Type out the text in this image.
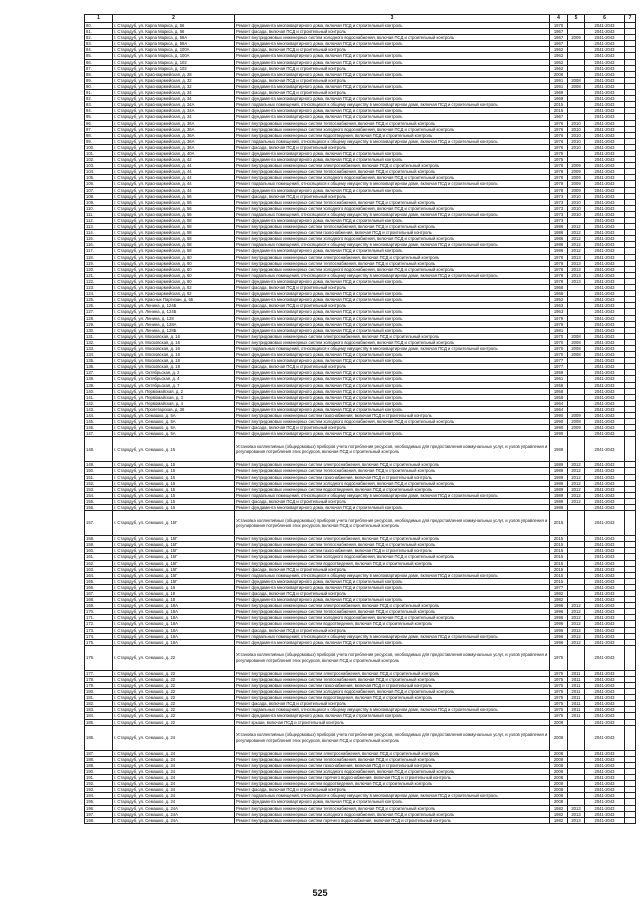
1	2	3	4	5	6	7
80.	г. Стародуб, ул. Карла Маркса, д. 56	Ремонт фундамента многоквартирного дома, включая ПСД и строительный контроль	1970		2041-2043	
81.	г. Стародуб, ул. Карла Маркса, д. 56	Ремонт фасада, включая ПСД и строительный контроль	1967		2041-2043	
82.	г. Стародуб, ул. Карла Маркса, д. 58А	Ремонт внутридомовых инженерных систем холодного водоснабжения, включая ПСД и строительный контроль	1967	2009	2041-2043	
83.	г. Стародуб, ул. Карла Маркса, д. 58А	Ремонт фундамента многоквартирного дома, включая ПСД и строительный контроль	1967		2041-2043	
84.	г. Стародуб, ул. Карла Маркса, д. 100А	Ремонт фасада, включая ПСД и строительный контроль	1962		2041-2043	
85.	г. Стародуб, ул. Карла Маркса, д. 100А	Ремонт фундамента многоквартирного дома, включая ПСД и строительный контроль	1962		2041-2043	
86.	г. Стародуб, ул. Карла Маркса, д. 102	Ремонт фундамента многоквартирного дома, включая ПСД и строительный контроль	1962		2041-2043	
87.	г. Стародуб, ул. Карла Маркса, д. 102	Ремонт фасада, включая ПСД и строительный контроль	1962		2041-2043	
88.	г. Стародуб, ул. Красноармейская, д. 28	Ремонт фундамента многоквартирного дома, включая ПСД и строительный контроль	2008		2041-2043	
89.	г. Стародуб, ул. Красноармейская, д. 32	Ремонт фасада, включая ПСД и строительный контроль	1991	2008	2041-2043	
90.	г. Стародуб, ул. Красноармейская, д. 32	Ремонт фундамента многоквартирного дома, включая ПСД и строительный контроль	1991	2008	2041-2043	
91.	г. Стародуб, ул. Красноармейская, д. 34	Ремонт фасада, включая ПСД и строительный контроль	1969		2041-2043	
92.	г. Стародуб, ул. Красноармейская, д. 34	Ремонт фундамента многоквартирного дома, включая ПСД и строительный контроль	1969		2041-2043	
93.	г. Стародуб, ул. Красноармейская, д. 34А	Ремонт подвальных помещений, относящихся к общему имуществу в многоквартирном доме, включая ПСД и строительный контроль	2015		2041-2043	
94.	г. Стародуб, ул. Красноармейская, д. 34А	Ремонт фундамента многоквартирного дома, включая ПСД и строительный контроль	2015		2041-2043	
95.	г. Стародуб, ул. Красноармейская, д. 34	Ремонт фундамента многоквартирного дома, включая ПСД и строительный контроль	1967		2041-2043	
96.	г. Стародуб, ул. Красноармейская, д. 36А	Ремонт внутридомовых инженерных систем теплоснабжения, включая ПСД и строительный контроль	1976	2010	2041-2043	
97.	г. Стародуб, ул. Красноармейская, д. 36А	Ремонт внутридомовых инженерных систем холодного водоснабжения, включая ПСД и строительный контроль	1976	2010	2041-2043	
98.	г. Стародуб, ул. Красноармейская, д. 36А	Ремонт внутридомовых инженерных систем водоотведения, включая ПСД и строительный контроль	1976	2010	2041-2043	
99.	г. Стародуб, ул. Красноармейская, д. 36А	Ремонт подвальных помещений, относящихся к общему имуществу в многоквартирном доме, включая ПСД и строительный контроль	1976	2010	2041-2043	
100.	г. Стародуб, ул. Красноармейская, д. 36А	Ремонт фасада, включая ПСД и строительный контроль	1976	2010	2041-2043	
101.	г. Стародуб, ул. Красноармейская, д. 40А	Ремонт фундамента многоквартирного дома, включая ПСД и строительный контроль	1975		2041-2043	
102.	г. Стародуб, ул. Красноармейская, д. 42	Ремонт фундамента многоквартирного дома, включая ПСД и строительный контроль	1975		2041-2043	
103.	г. Стародуб, ул. Красноармейская, д. 44	Ремонт внутридомовых инженерных систем электроснабжения, включая ПСД и строительный контроль	1978	2009	2041-2043	
104.	г. Стародуб, ул. Красноармейская, д. 44	Ремонт внутридомовых инженерных систем теплоснабжения, включая ПСД и строительный контроль	1978	2009	2041-2043	
105.	г. Стародуб, ул. Красноармейская, д. 44	Ремонт внутридомовых инженерных систем холодного водоснабжения, включая ПСД и строительный контроль	1978	2009	2041-2043	
106.	г. Стародуб, ул. Красноармейская, д. 44	Ремонт подвальных помещений, относящихся к общему имуществу в многоквартирном доме, включая ПСД и строительный контроль	1978	2009	2041-2043	
107.	г. Стародуб, ул. Красноармейская, д. 44	Ремонт фундамента многоквартирного дома, включая ПСД и строительный контроль	1978	2009	2041-2043	
108.	г. Стародуб, ул. Красноармейская, д. 56	Ремонт фасада, включая ПСД и строительный контроль	1973	2010	2041-2043	
109.	г. Стародуб, ул. Красноармейская, д. 56	Ремонт внутридомовых инженерных систем теплоснабжения, включая ПСД и строительный контроль	1973	2010	2041-2043	
110.	г. Стародуб, ул. Красноармейская, д. 56	Ремонт внутридомовых инженерных систем холодного водоснабжения, включая ПСД и строительный контроль	1973	2010	2041-2043	
111.	г. Стародуб, ул. Красноармейская, д. 56	Ремонт подвальных помещений, относящихся к общему имуществу в многоквартирном доме, включая ПСД и строительный контроль	1973	2010	2041-2043	
112.	г. Стародуб, ул. Красноармейская, д. 58	Ремонт фундамента многоквартирного дома, включая ПСД и строительный контроль	1973		2041-2043	
113.	г. Стародуб, ул. Красноармейская, д. 58	Ремонт внутридомовых инженерных систем теплоснабжения, включая ПСД и строительный контроль	1986	2012	2041-2043	
114.	г. Стародуб, ул. Красноармейская, д. 58	Ремонт внутридомовых инженерных систем газоснабжения, включая ПСД и строительный контроль	1986	2012	2041-2043	
115.	г. Стародуб, ул. Красноармейская, д. 58	Ремонт внутридомовых инженерных систем холодного водоснабжения, включая ПСД и строительный контроль	1986	2012	2041-2043	
116.	г. Стародуб, ул. Красноармейская, д. 58	Ремонт подвальных помещений, относящихся к общему имуществу в многоквартирном доме, включая ПСД и строительный контроль	1986	2012	2041-2043	
117.	г. Стародуб, ул. Красноармейская, д. 58	Ремонт фундамента многоквартирного дома, включая ПСД и строительный контроль	1986	2012	2041-2043	
118.	г. Стародуб, ул. Красноармейская, д. 60	Ремонт внутридомовых инженерных систем электроснабжения, включая ПСД и строительный контроль	1978	2013	2041-2043	
119.	г. Стародуб, ул. Красноармейская, д. 60	Ремонт внутридомовых инженерных систем теплоснабжения, включая ПСД и строительный контроль	1978	2013	2041-2043	
120.	г. Стародуб, ул. Красноармейская, д. 60	Ремонт внутридомовых инженерных систем холодного водоснабжения, включая ПСД и строительный контроль	1978	2013	2041-2043	
121.	г. Стародуб, ул. Красноармейская, д. 60	Ремонт подвальных помещений, относящихся к общему имуществу в многоквартирном доме, включая ПСД и строительный контроль	1978	2013	2041-2043	
122.	г. Стародуб, ул. Красноармейская, д. 60	Ремонт фундамента многоквартирного дома, включая ПСД и строительный контроль	1978	2013	2041-2043	
123.	г. Стародуб, ул. Красноармейская, д. 62	Ремонт фасада, включая ПСД и строительный контроль	1968		2041-2043	
124.	г. Стародуб, ул. Красноармейская, д. 62	Ремонт фундамента многоквартирного дома, включая ПСД и строительный контроль	1968		2041-2043	
125.	г. Стародуб, ул. Красных Партизан, д. 65	Ремонт фундамента многоквартирного дома, включая ПСД и строительный контроль	1952		2041-2043	
126.	г. Стародуб, ул. Ленина, д. 124Б	Ремонт фасада, включая ПСД и строительный контроль	1963		2041-2043	
127.	г. Стародуб, ул. Ленина, д. 124Б	Ремонт фундамента многоквартирного дома, включая ПСД и строительный контроль	1963		2041-2043	
128.	г. Стародуб, ул. Ленина, д. 128	Ремонт фундамента многоквартирного дома, включая ПСД и строительный контроль	1979		2041-2043	
129.	г. Стародуб, ул. Ленина, д. 128А	Ремонт фундамента многоквартирного дома, включая ПСД и строительный контроль	1979		2041-2043	
130.	г. Стародуб, ул. Ленина, д. 128Б	Ремонт фундамента многоквартирного дома, включая ПСД и строительный контроль	1981		2041-2043	
131.	г. Стародуб, ул. Московская, д. 16	Ремонт внутридомовых инженерных систем электроснабжения, включая ПСД и строительный контроль	1970	2008	2041-2043	
132.	г. Стародуб, ул. Московская, д. 16	Ремонт внутридомовых инженерных систем холодного водоснабжения, включая ПСД и строительный контроль	1970	2008	2041-2043	
133.	г. Стародуб, ул. Московская, д. 16	Ремонт подвальных помещений, относящихся к общему имуществу в многоквартирном доме, включая ПСД и строительный контроль	1970	2008	2041-2043	
134.	г. Стародуб, ул. Московская, д. 16	Ремонт фундамента многоквартирного дома, включая ПСД и строительный контроль	1970	2008	2041-2043	
135.	г. Стародуб, ул. Московская, д. 18	Ремонт фундамента многоквартирного дома, включая ПСД и строительный контроль	1977		2041-2043	
136.	г. Стародуб, ул. Московская, д. 18	Ремонт фасада, включая ПСД и строительный контроль	1977		2041-2043	
137.	г. Стародуб, ул. Октябрьская, д. 2	Ремонт фундамента многоквартирного дома, включая ПСД и строительный контроль	1959		2041-2043	
138.	г. Стародуб, ул. Октябрьская, д. 4	Ремонт фундамента многоквартирного дома, включая ПСД и строительный контроль	1961		2041-2043	
139.	г. Стародуб, ул. Октябрьская, д. 7	Ремонт фундамента многоквартирного дома, включая ПСД и строительный контроль	1958		2041-2043	
140.	г. Стародуб, ул. Первомайская, д. 2	Ремонт фундамента многоквартирного дома, включая ПСД и строительный контроль	1958		2041-2043	
141.	г. Стародуб, ул. Первомайская, д. 3	Ремонт фундамента многоквартирного дома, включая ПСД и строительный контроль	1958		2041-2043	
142.	г. Стародуб, ул. Первомайская, д. 4	Ремонт фундамента многоквартирного дома, включая ПСД и строительный контроль	1964		2041-2043	
143.	г. Стародуб, ул. Пролетарская, д. 36	Ремонт фундамента многоквартирного дома, включая ПСД и строительный контроль	1964		2041-2043	
144.	г. Стародуб, ул. Семашко, д. 5А	Ремонт внутридомовых инженерных систем газоснабжения, включая ПСД и строительный контроль	1990	2009	2041-2043	
145.	г. Стародуб, ул. Семашко, д. 5А	Ремонт внутридомовых инженерных систем холодного водоснабжения, включая ПСД и строительный контроль	1990	2008	2041-2043	
146.	г. Стародуб, ул. Семашко, д. 5А	Ремонт фасада, включая ПСД и строительный контроль	1990	2009	2041-2043	
147.	г. Стародуб, ул. Семашко, д. 5А	Ремонт фундамента многоквартирного дома, включая ПСД и строительный контроль	1990		2041-2043	
148.	г. Стародуб, ул. Семашко, д. 15	Установка коллективных (общедомовых) приборов учета потребления ресурсов, необходимых для предоставления коммунальных услуг, и узлов управления и регулирования потребления этих ресурсов, включая ПСД и строительный контроль	1989		2041-2043	
149.	г. Стародуб, ул. Семашко, д. 15	Ремонт внутридомовых инженерных систем электроснабжения, включая ПСД и строительный контроль	1989	2012	2041-2043	
150.	г. Стародуб, ул. Семашко, д. 15	Ремонт внутридомовых инженерных систем теплоснабжения, включая ПСД и строительный контроль	1989	2012	2041-2043	
151.	г. Стародуб, ул. Семашко, д. 15	Ремонт внутридомовых инженерных систем газоснабжения, включая ПСД и строительный контроль	1989	2012	2041-2043	
152.	г. Стародуб, ул. Семашко, д. 15	Ремонт внутридомовых инженерных систем холодного водоснабжения, включая ПСД и строительный контроль	1989	2012	2041-2043	
153.	г. Стародуб, ул. Семашко, д. 15	Ремонт внутридомовых инженерных систем водоотведения, включая ПСД и строительный контроль	1989	2012	2041-2043	
154.	г. Стародуб, ул. Семашко, д. 15	Ремонт подвальных помещений, относящихся к общему имуществу в многоквартирном доме, включая ПСД и строительный контроль	1989	2012	2041-2043	
155.	г. Стародуб, ул. Семашко, д. 15	Ремонт фасада, включая ПСД и строительный контроль	1989	2012	2041-2043	
156.	г. Стародуб, ул. Семашко, д. 15	Ремонт фундамента многоквартирного дома, включая ПСД и строительный контроль	1989		2041-2043	
157.	г. Стародуб, ул. Семашко, д. 15Г	Установка коллективных (общедомовых) приборов учета потребления ресурсов, необходимых для предоставления коммунальных услуг, и узлов управления и регулирования потребления этих ресурсов, включая ПСД и строительный контроль	2015		2041-2043	
158.	г. Стародуб, ул. Семашко, д. 15Г	Ремонт внутридомовых инженерных систем электроснабжения, включая ПСД и строительный контроль	2015		2041-2043	
159.	г. Стародуб, ул. Семашко, д. 15Г	Ремонт внутридомовых инженерных систем теплоснабжения, включая ПСД и строительный контроль	2015		2041-2043	
160.	г. Стародуб, ул. Семашко, д. 15Г	Ремонт внутридомовых инженерных систем газоснабжения, включая ПСД и строительный контроль	2015		2041-2043	
161.	г. Стародуб, ул. Семашко, д. 15Г	Ремонт внутридомовых инженерных систем холодного водоснабжения, включая ПСД и строительный контроль	2015		2041-2043	
162.	г. Стародуб, ул. Семашко, д. 15Г	Ремонт внутридомовых инженерных систем водоотведения, включая ПСД и строительный контроль	2015		2041-2043	
163.	г. Стародуб, ул. Семашко, д. 15Г	Ремонт фасада, включая ПСД и строительный контроль	2015		2041-2043	
164.	г. Стародуб, ул. Семашко, д. 15Г	Ремонт подвальных помещений, относящихся к общему имуществу в многоквартирном доме, включая ПСД и строительный контроль	2015		2041-2043	
165.	г. Стародуб, ул. Семашко, д. 15Г	Ремонт фундамента многоквартирного дома, включая ПСД и строительный контроль	2015		2041-2043	
166.	г. Стародуб, ул. Семашко, д. 16	Ремонт фундамента многоквартирного дома, включая ПСД и строительный контроль	1977		2041-2043	
167.	г. Стародуб, ул. Семашко, д. 18	Ремонт фасада, включая ПСД и строительный контроль	1982		2041-2043	
168.	г. Стародуб, ул. Семашко, д. 18	Ремонт фундамента многоквартирного дома, включая ПСД и строительный контроль	1982		2041-2043	
169.	г. Стародуб, ул. Семашко, д. 18А	Ремонт внутридомовых инженерных систем электроснабжения, включая ПСД и строительный контроль	1996	2012	2041-2043	
170.	г. Стародуб, ул. Семашко, д. 18А	Ремонт внутридомовых инженерных систем теплоснабжения, включая ПСД и строительный контроль	1996	2012	2041-2043	
171.	г. Стародуб, ул. Семашко, д. 18А	Ремонт внутридомовых инженерных систем холодного водоснабжения, включая ПСД и строительный контроль	1996	2012	2041-2043	
172.	г. Стародуб, ул. Семашко, д. 18А	Ремонт внутридомовых инженерных систем водоотведения, включая ПСД и строительный контроль	1996	2012	2041-2043	
173.	г. Стародуб, ул. Семашко, д. 18А	Ремонт фасада, включая ПСД и строительный контроль	1996	2012	2041-2043	
174.	г. Стародуб, ул. Семашко, д. 18А	Ремонт подвальных помещений, относящихся к общему имуществу в многоквартирном доме, включая ПСД и строительный контроль	1996	2012	2041-2043	
175.	г. Стародуб, ул. Семашко, д. 18А	Ремонт фундамента многоквартирного дома, включая ПСД и строительный контроль	1996	2012	2041-2043	
176.	г. Стародуб, ул. Семашко, д. 22	Установка коллективных (общедомовых) приборов учета потребления ресурсов, необходимых для предоставления коммунальных услуг, и узлов управления и регулирования потребления этих ресурсов, включая ПСД и строительный контроль	1975		2041-2043	
177.	г. Стародуб, ул. Семашко, д. 22	Ремонт внутридомовых инженерных систем электроснабжения, включая ПСД и строительный контроль	1975	2011	2041-2043	
178.	г. Стародуб, ул. Семашко, д. 22	Ремонт внутридомовых инженерных систем теплоснабжения, включая ПСД и строительный контроль	1975	2011	2041-2043	
179.	г. Стародуб, ул. Семашко, д. 22	Ремонт внутридомовых инженерных систем газоснабжения, включая ПСД и строительный контроль	1975	2011	2041-2043	
180.	г. Стародуб, ул. Семашко, д. 22	Ремонт внутридомовых инженерных систем холодного водоснабжения, включая ПСД и строительный контроль	1975	2011	2041-2043	
181.	г. Стародуб, ул. Семашко, д. 22	Ремонт внутридомовых инженерных систем водоотведения, включая ПСД и строительный контроль	1975	2011	2041-2043	
182.	г. Стародуб, ул. Семашко, д. 22	Ремонт фасада, включая ПСД и строительный контроль	1975	2011	2041-2043	
183.	г. Стародуб, ул. Семашко, д. 22	Ремонт подвальных помещений, относящихся к общему имуществу в многоквартирном доме, включая ПСД и строительный контроль	1975	2011	2041-2043	
184.	г. Стародуб, ул. Семашко, д. 22	Ремонт фундамента многоквартирного дома, включая ПСД и строительный контроль	1975	2011	2041-2043	
185.	г. Стародуб, ул. Семашко, д. 22	Ремонт крыши, включая ПСД и строительный контроль	2008		2041-2043	
186.	г. Стародуб, ул. Семашко, д. 24	Установка коллективных (общедомовых) приборов учета потребления ресурсов, необходимых для предоставления коммунальных услуг, и узлов управления и регулирования потребления этих ресурсов, включая ПСД и строительный контроль	2008		2041-2043	
187.	г. Стародуб, ул. Семашко, д. 24	Ремонт внутридомовых инженерных систем электроснабжения, включая ПСД и строительный контроль	2008		2041-2043	
188.	г. Стародуб, ул. Семашко, д. 24	Ремонт внутридомовых инженерных систем теплоснабжения, включая ПСД и строительный контроль	2008		2041-2043	
189.	г. Стародуб, ул. Семашко, д. 24	Ремонт внутридомовых инженерных систем газоснабжения, включая ПСД и строительный контроль	2008		2041-2043	
190.	г. Стародуб, ул. Семашко, д. 24	Ремонт внутридомовых инженерных систем холодного водоснабжения, включая ПСД и строительный контроль	2008		2041-2043	
191.	г. Стародуб, ул. Семашко, д. 24	Ремонт внутридомовых инженерных систем горячего водоснабжения, включая ПСД и строительный контроль	2008		2041-2043	
192.	г. Стародуб, ул. Семашко, д. 24	Ремонт внутридомовых инженерных систем водоотведения, включая ПСД и строительный контроль	2008		2041-2043	
193.	г. Стародуб, ул. Семашко, д. 24	Ремонт фасада, включая ПСД и строительный контроль	2008		2041-2043	
194.	г. Стародуб, ул. Семашко, д. 24	Ремонт подвальных помещений, относящихся к общему имуществу в многоквартирном доме, включая ПСД и строительный контроль	2008		2041-2043	
195.	г. Стародуб, ул. Семашко, д. 24	Ремонт фундамента многоквартирного дома, включая ПСД и строительный контроль	2008		2041-2043	
196.	г. Стародуб, ул. Семашко, д. 24А	Ремонт внутридомовых инженерных систем теплоснабжения, включая ПСД и строительный контроль	1982	2013	2041-2043	
197.	г. Стародуб, ул. Семашко, д. 24А	Ремонт внутридомовых инженерных систем холодного водоснабжения, включая ПСД и строительный контроль	1982	2013	2041-2043	
198.	г. Стародуб, ул. Семашко, д. 24А	Ремонт внутридомовых инженерных систем горячего водоснабжения, включая ПСД и строительный контроль	1982	2013	2041-2043	
525
